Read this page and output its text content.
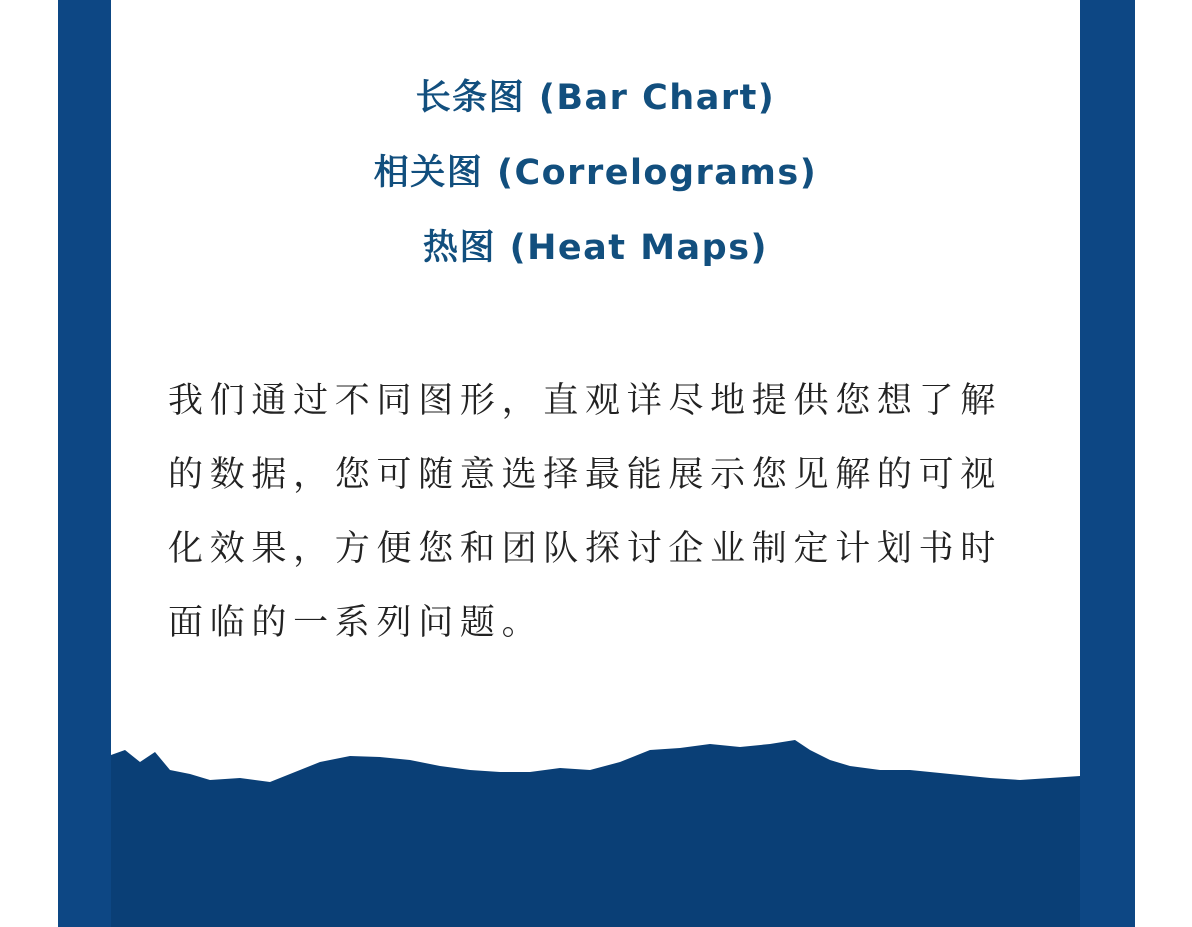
长条图 (Bar Chart)
相关图 (Correlograms)
热图 (Heat Maps)
我们通过不同图形，直观详尽地提供您想了解
的数据，您可随意选择最能展示您见解的可视
化效果，方便您和团队探讨企业制定计划书时
面临的一系列问题。
